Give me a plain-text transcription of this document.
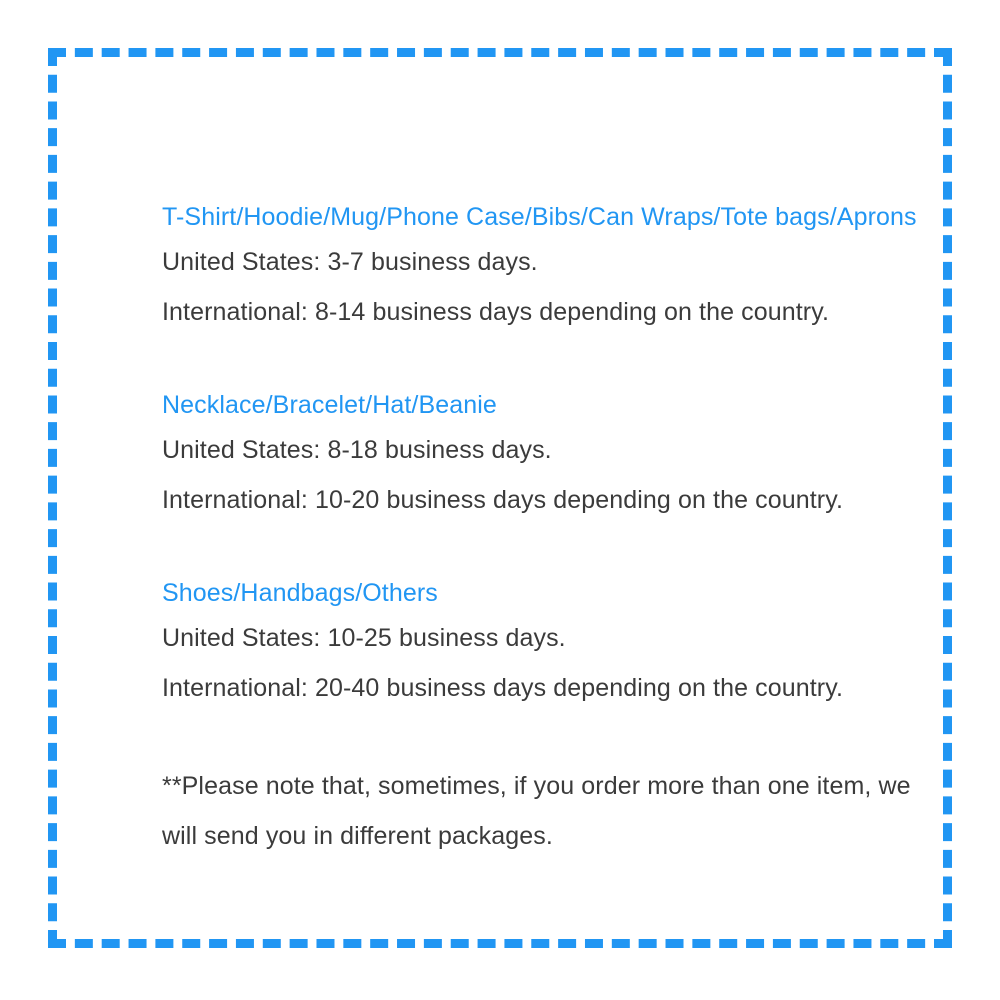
T-Shirt/Hoodie/Mug/Phone Case/Bibs/Can Wraps/Tote bags/Aprons
United States: 3-7 business days.
International: 8-14 business days depending on the country.
Necklace/Bracelet/Hat/Beanie
United States: 8-18 business days.
International: 10-20 business days depending on the country.
Shoes/Handbags/Others
United States: 10-25 business days.
International: 20-40 business days depending on the country.
**Please note that, sometimes, if you order more than one item, we will send you in different packages.
